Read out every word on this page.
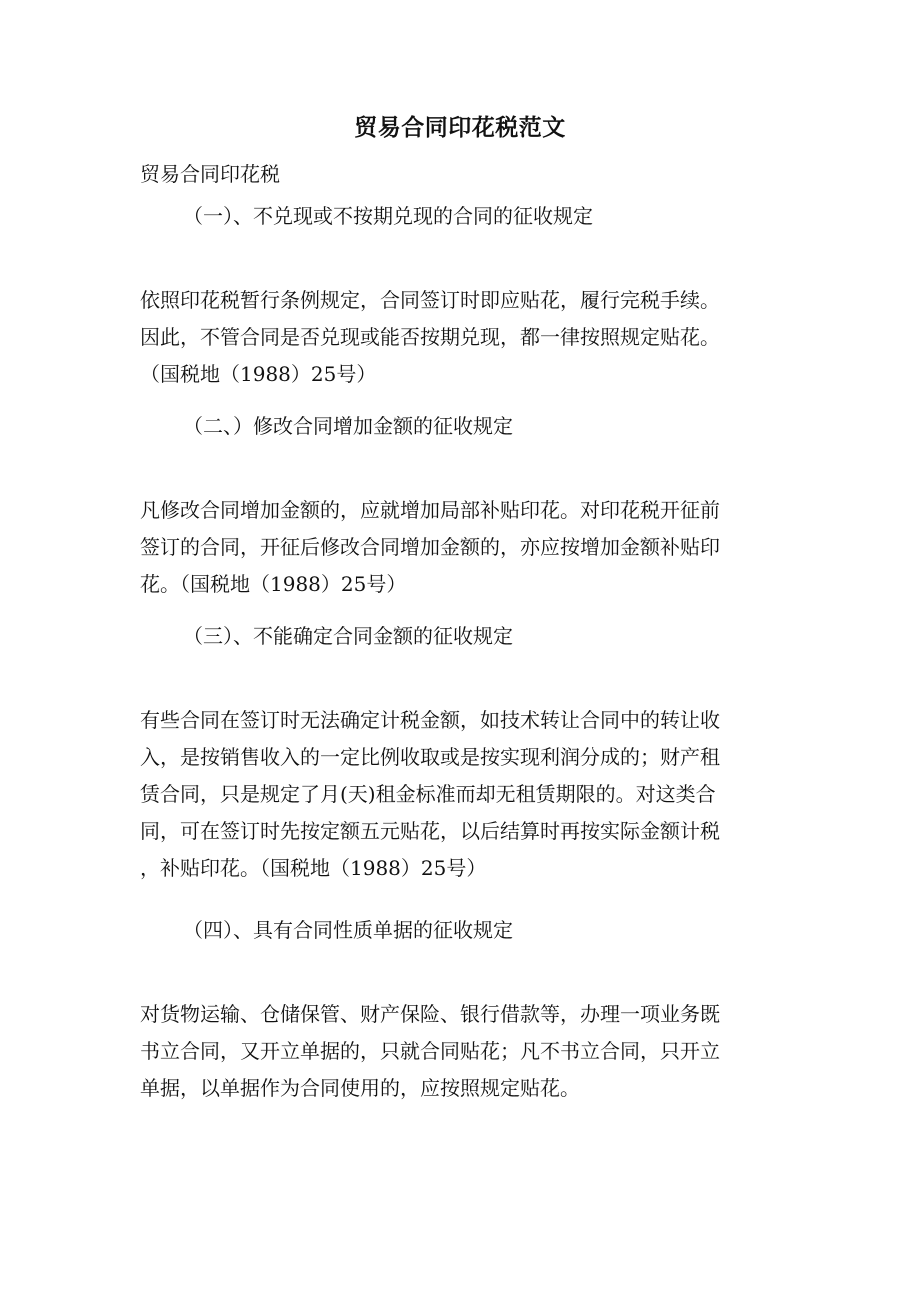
贸易合同印花税范文
贸易合同印花税
（一）、不兑现或不按期兑现的合同的征收规定
依照印花税暂行条例规定，合同签订时即应贴花，履行完税手续。
因此，不管合同是否兑现或能否按期兑现，都一律按照规定贴花。
（国税地（1988）25号）
（二、）修改合同增加金额的征收规定
凡修改合同增加金额的，应就增加局部补贴印花。对印花税开征前
签订的合同，开征后修改合同增加金额的，亦应按增加金额补贴印
花。（国税地（1988）25号）
（三）、不能确定合同金额的征收规定
有些合同在签订时无法确定计税金额，如技术转让合同中的转让收
入，是按销售收入的一定比例收取或是按实现利润分成的；财产租
赁合同，只是规定了月(天)租金标准而却无租赁期限的。对这类合
同，可在签订时先按定额五元贴花，以后结算时再按实际金额计税
，补贴印花。（国税地（1988）25号）
（四）、具有合同性质单据的征收规定
对货物运输、仓储保管、财产保险、银行借款等，办理一项业务既
书立合同，又开立单据的，只就合同贴花；凡不书立合同，只开立
单据，以单据作为合同使用的，应按照规定贴花。
